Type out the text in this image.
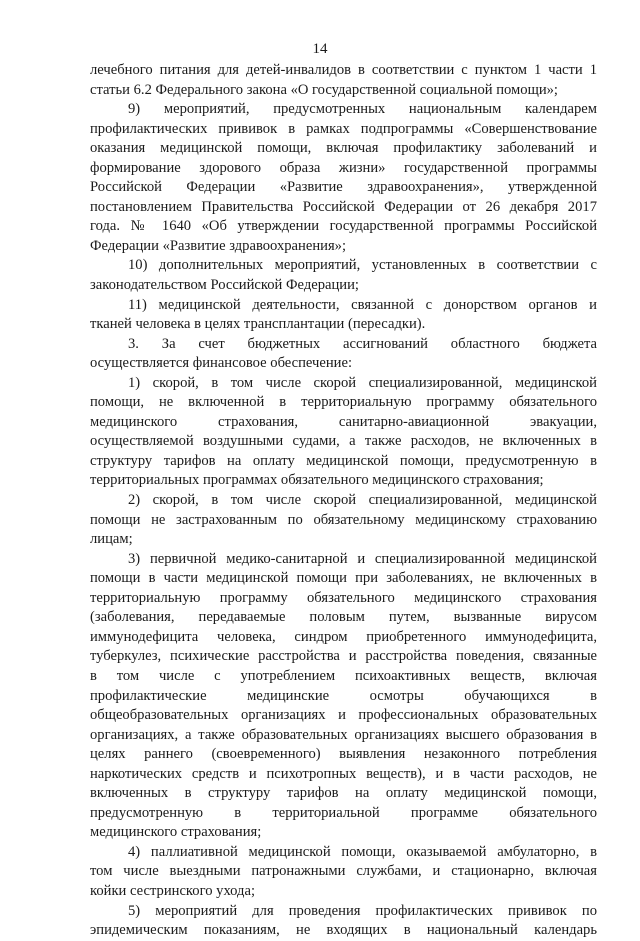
14
лечебного питания для детей-инвалидов в соответствии с пунктом 1 части 1
статьи 6.2 Федерального закона «О государственной социальной помощи»;
9) мероприятий, предусмотренных национальным календарем
профилактических прививок в рамках подпрограммы «Совершенствование
оказания медицинской помощи, включая профилактику заболеваний и
формирование здорового образа жизни» государственной программы
Российской Федерации «Развитие здравоохранения», утвержденной
постановлением Правительства Российской Федерации от 26 декабря 2017
года. № 1640 «Об утверждении государственной программы Российской
Федерации «Развитие здравоохранения»;
10) дополнительных мероприятий, установленных в соответствии с
законодательством Российской Федерации;
11) медицинской деятельности, связанной с донорством органов и
тканей человека в целях трансплантации (пересадки).
3. За счет бюджетных ассигнований областного бюджета
осуществляется финансовое обеспечение:
1) скорой, в том числе скорой специализированной, медицинской
помощи, не включенной в территориальную программу обязательного
медицинского страхования, санитарно-авиационной эвакуации,
осуществляемой воздушными судами, а также расходов, не включенных в
структуру тарифов на оплату медицинской помощи, предусмотренную в
территориальных программах обязательного медицинского страхования;
2) скорой, в том числе скорой специализированной, медицинской
помощи не застрахованным по обязательному медицинскому страхованию
лицам;
3) первичной медико-санитарной и специализированной медицинской
помощи в части медицинской помощи при заболеваниях, не включенных в
территориальную программу обязательного медицинского страхования
(заболевания, передаваемые половым путем, вызванные вирусом
иммунодефицита человека, синдром приобретенного иммунодефицита,
туберкулез, психические расстройства и расстройства поведения, связанные
в том числе с употреблением психоактивных веществ, включая
профилактические медицинские осмотры обучающихся в
общеобразовательных организациях и профессиональных образовательных
организациях, а также образовательных организациях высшего образования в
целях раннего (своевременного) выявления незаконного потребления
наркотических средств и психотропных веществ), и в части расходов, не
включенных в структуру тарифов на оплату медицинской помощи,
предусмотренную в территориальной программе обязательного
медицинского страхования;
4) паллиативной медицинской помощи, оказываемой амбулаторно, в
том числе выездными патронажными службами, и стационарно, включая
койки сестринского ухода;
5) мероприятий для проведения профилактических прививок по
эпидемическим показаниям, не входящих в национальный календарь
